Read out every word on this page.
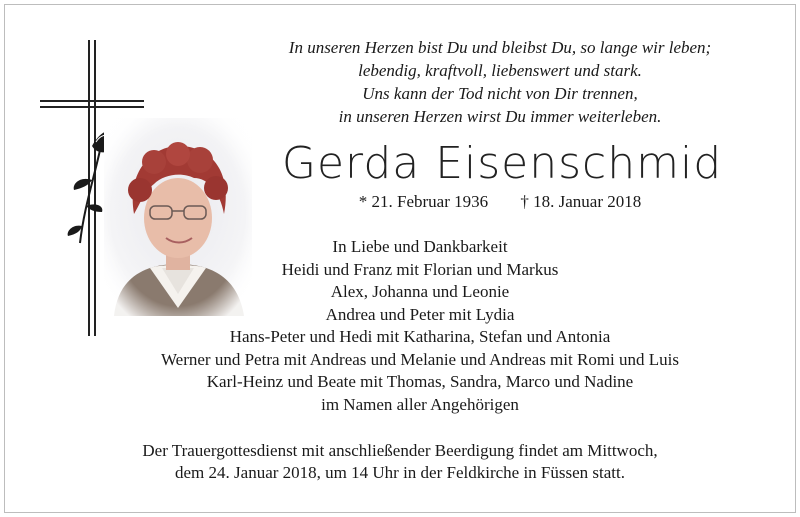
In unseren Herzen bist Du und bleibst Du, so lange wir leben;
lebendig, kraftvoll, liebenswert und stark.
Uns kann der Tod nicht von Dir trennen,
in unseren Herzen wirst Du immer weiterleben.
Gerda Eisenschmid
* 21. Februar 1936 † 18. Januar 2018
In Liebe und Dankbarkeit
Heidi und Franz mit Florian und Markus
Alex, Johanna und Leonie
Andrea und Peter mit Lydia
Hans-Peter und Hedi mit Katharina, Stefan und Antonia
Werner und Petra mit Andreas und Melanie und Andreas mit Romi und Luis
Karl-Heinz und Beate mit Thomas, Sandra, Marco und Nadine
im Namen aller Angehörigen
Der Trauergottesdienst mit anschließender Beerdigung findet am Mittwoch,
dem 24. Januar 2018, um 14 Uhr in der Feldkirche in Füssen statt.
